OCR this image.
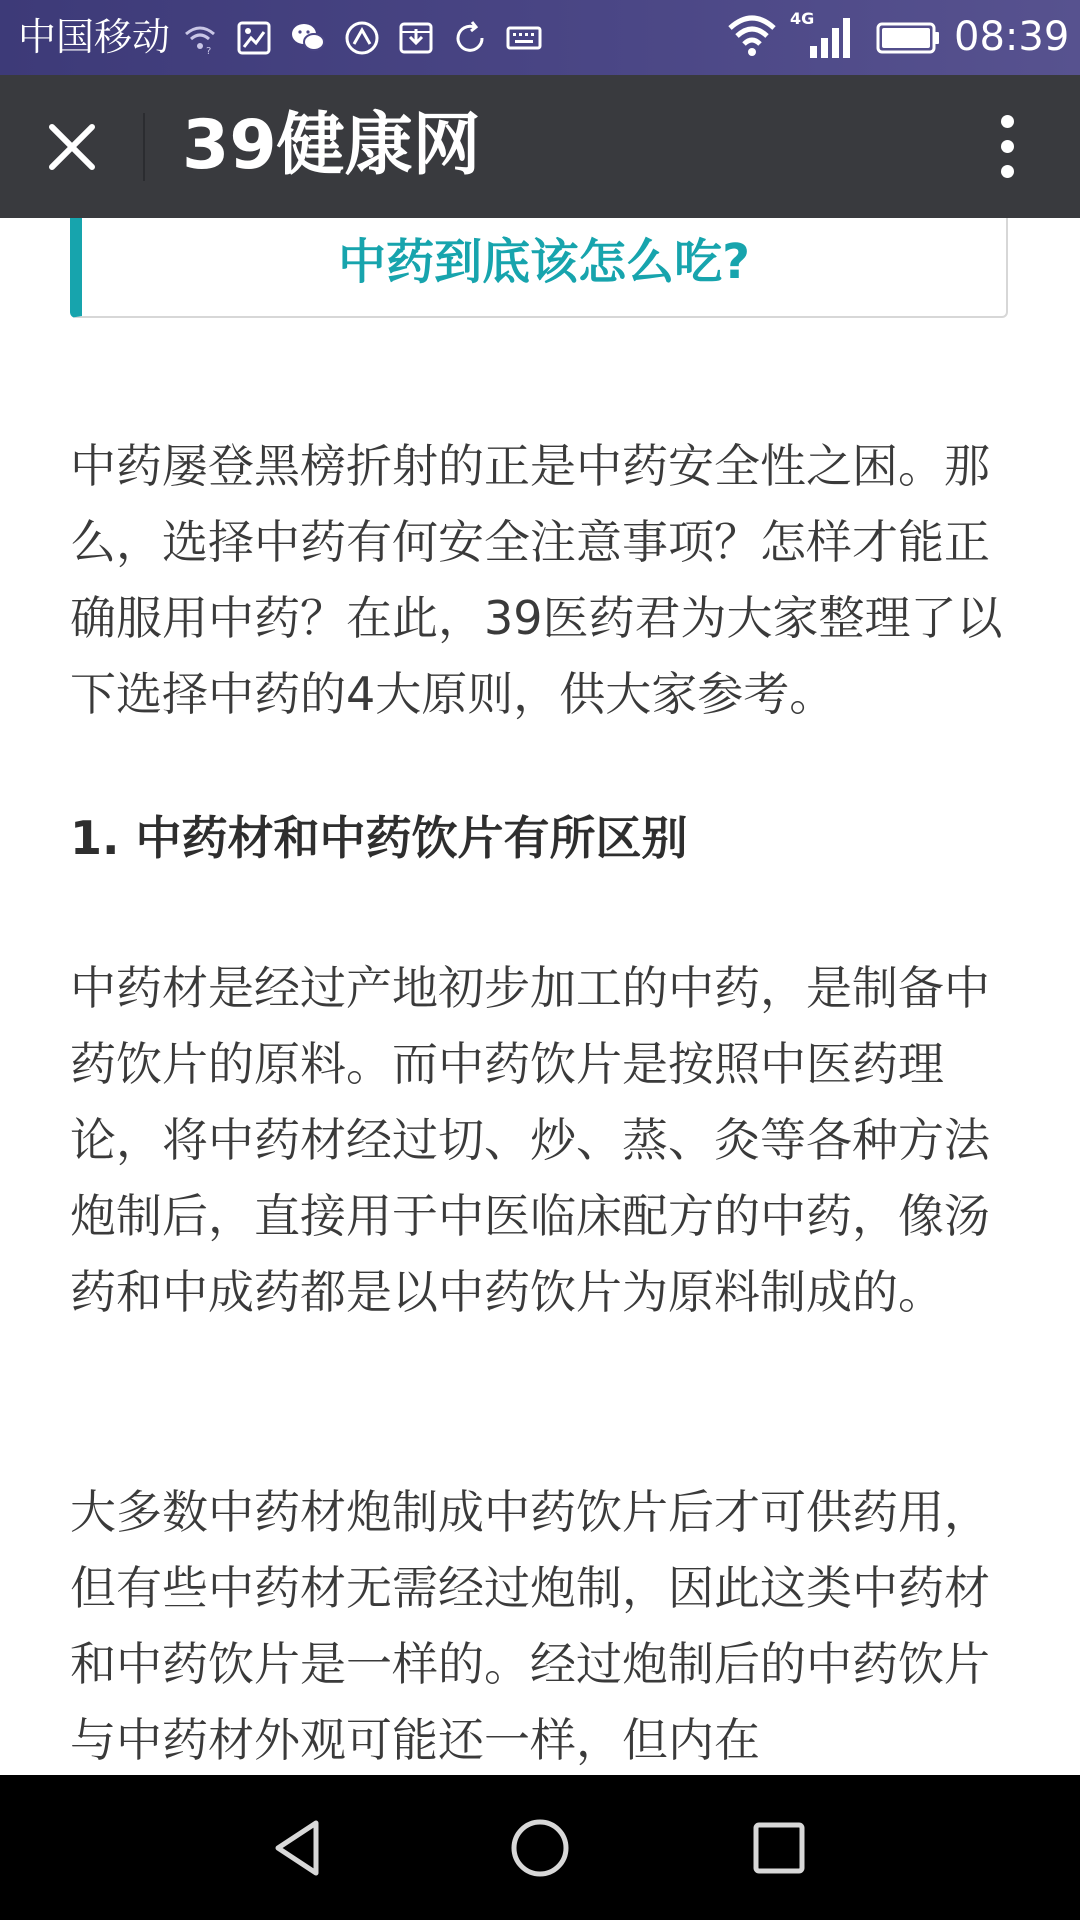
中国移动	?
4G	08:39
39健康网
中药到底该怎么吃?

中药屡登黑榜折射的正是中药安全性之困。那么，选择中药有何安全注意事项？怎样才能正确服用中药？在此，39医药君为大家整理了以下选择中药的4大原则，供大家参考。

1. 中药材和中药饮片有所区别

中药材是经过产地初步加工的中药，是制备中药饮片的原料。而中药饮片是按照中医药理论，将中药材经过切、炒、蒸、灸等各种方法炮制后，直接用于中医临床配方的中药，像汤药和中成药都是以中药饮片为原料制成的。

大多数中药材炮制成中药饮片后才可供药用，但有些中药材无需经过炮制，因此这类中药材和中药饮片是一样的。经过炮制后的中药饮片与中药材外观可能还一样，但内在
